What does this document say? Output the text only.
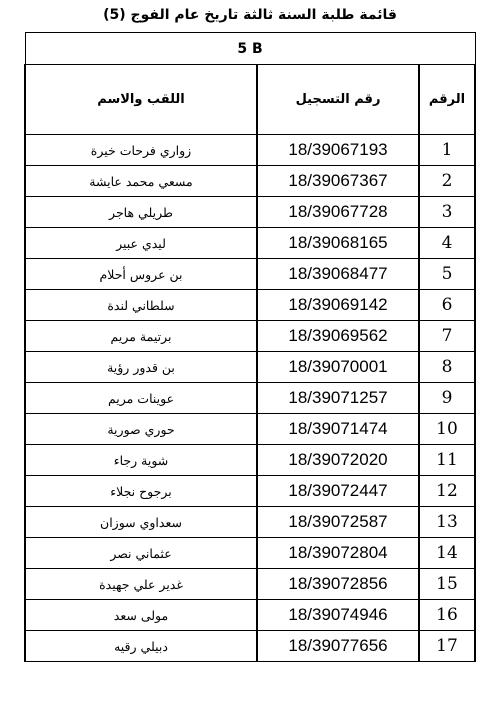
قائمة طلبة السنة ثالثة تاريخ عام الفوج (5)
5 B		
الرقم	رقم التسجيل	اللقب والاسم
1	18/39067193	زواري فرحات خيرة
2	18/39067367	مسعي محمد عايشة
3	18/39067728	طريلي هاجر
4	18/39068165	ليدي عبير
5	18/39068477	بن عروس أحلام
6	18/39069142	سلطاني لندة
7	18/39069562	برتيمة مريم
8	18/39070001	بن قدور رؤية
9	18/39071257	عوينات مريم
10	18/39071474	حوري صورية
11	18/39072020	شوية رجاء
12	18/39072447	برجوح نجلاء
13	18/39072587	سعداوي سوزان
14	18/39072804	عثماني نصر
15	18/39072856	غدير علي جهيدة
16	18/39074946	مولى سعد
17	18/39077656	دبيلي رقيه
